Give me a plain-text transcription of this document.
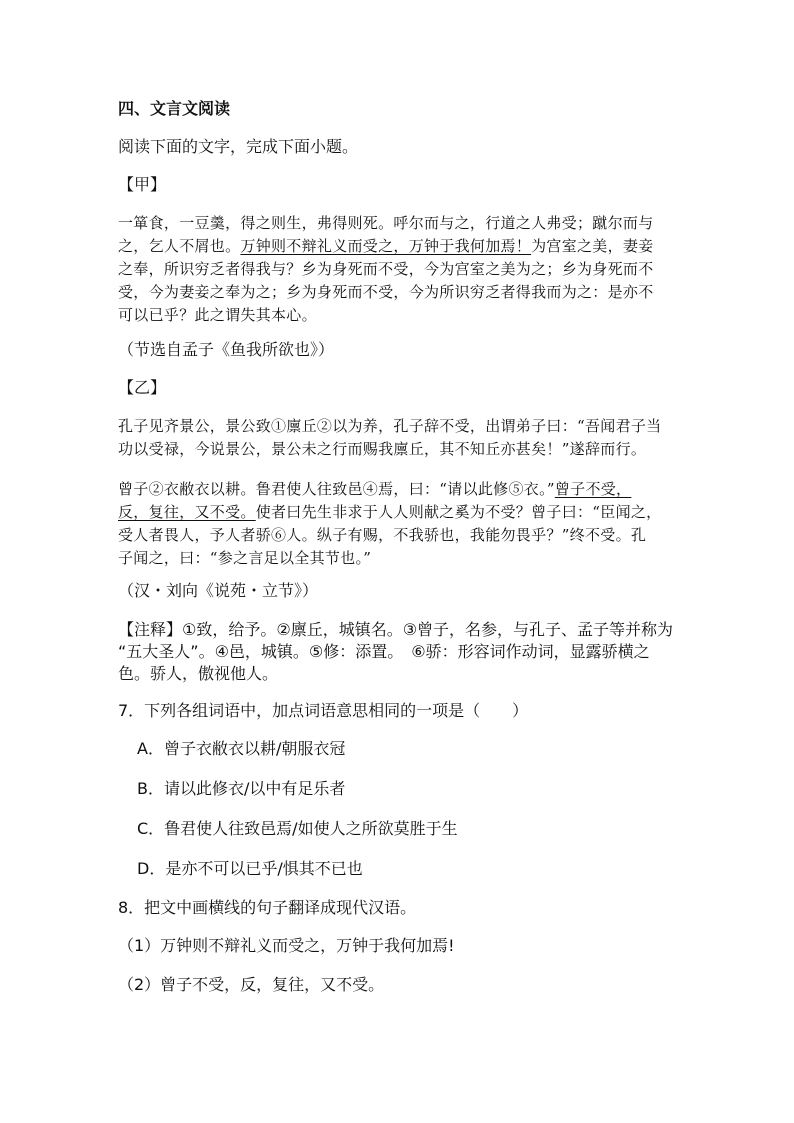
四、文言文阅读
阅读下面的文字，完成下面小题。
【甲】
一箪食，一豆羹，得之则生，弗得则死。呼尔而与之，行道之人弗受；蹴尔而与
之，乞人不屑也。万钟则不辩礼义而受之，万钟于我何加焉！为宫室之美，妻妾
之奉，所识穷乏者得我与？乡为身死而不受，今为宫室之美为之；乡为身死而不
受，今为妻妾之奉为之；乡为身死而不受，今为所识穷乏者得我而为之：是亦不
可以已乎？此之谓失其本心。
（节选自孟子《鱼我所欲也》）
【乙】
孔子见齐景公，景公致①廪丘②以为养，孔子辞不受，出谓弟子曰：“吾闻君子当
功以受禄，今说景公，景公未之行而赐我廪丘，其不知丘亦甚矣！”遂辞而行。
曾子②衣敝衣以耕。鲁君使人往致邑④焉，曰：“请以此修⑤衣。”曾子不受，
反，复往，又不受。使者曰先生非求于人人则献之奚为不受？曾子曰：“臣闻之，
受人者畏人，予人者骄⑥人。纵子有赐，不我骄也，我能勿畏乎？”终不受。孔
子闻之，曰：“参之言足以全其节也。”
（汉・刘向《说苑・立节》）
【注释】①致，给予。②廪丘，城镇名。③曾子，名参，与孔子、孟子等并称为
“五大圣人”。④邑，城镇。⑤修：添置。　⑥骄：形容词作动词，显露骄横之
色。骄人，傲视他人。
7．下列各组词语中，加点词语意思相同的一项是（　　）
A．曾子衣敝衣以耕/朝服衣冠
B．请以此修衣/以中有足乐者
C．鲁君使人往致邑焉/如使人之所欲莫胜于生
D．是亦不可以已乎/惧其不已也
8．把文中画横线的句子翻译成现代汉语。
（1）万钟则不辩礼义而受之，万钟于我何加焉!
（2）曾子不受，反，复往，又不受。
